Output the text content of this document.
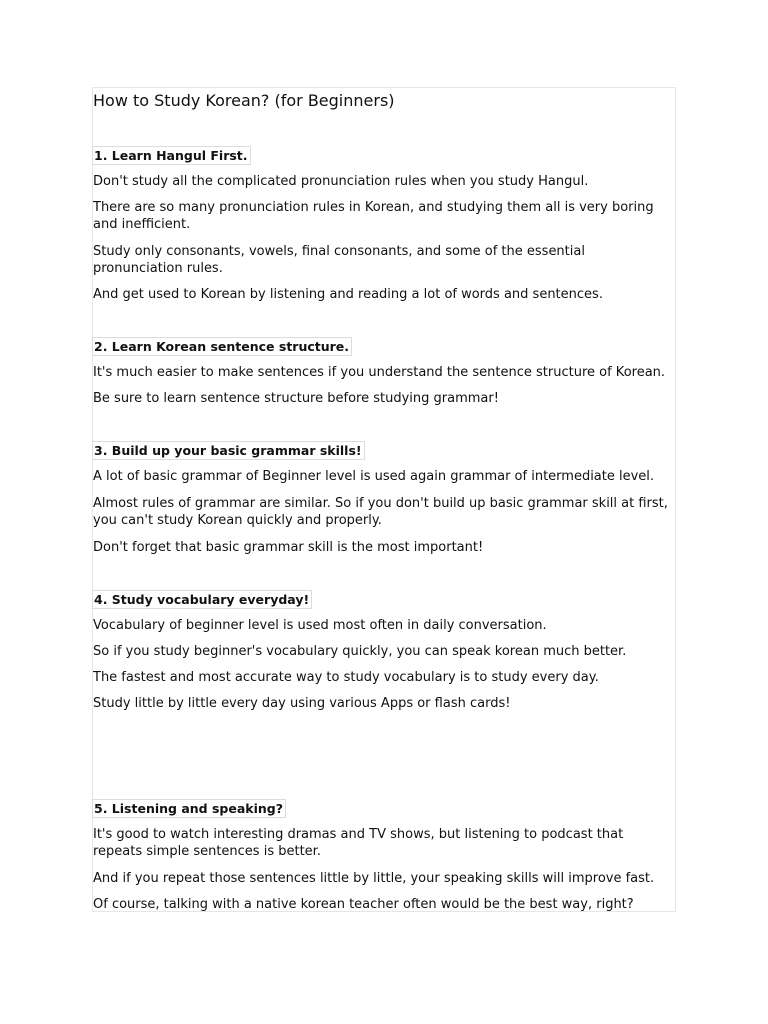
How to Study Korean? (for Beginners)
1. Learn Hangul First.

Don't study all the complicated pronunciation rules when you study Hangul.

There are so many pronunciation rules in Korean, and studying them all is very boring and inefficient.

Study only consonants, vowels, final consonants, and some of the essential pronunciation rules.

And get used to Korean by listening and reading a lot of words and sentences.

2. Learn Korean sentence structure.

It's much easier to make sentences if you understand the sentence structure of Korean.

Be sure to learn sentence structure before studying grammar!

3. Build up your basic grammar skills!

A lot of basic grammar of Beginner level is used again grammar of intermediate level.

Almost rules of grammar are similar. So if you don't build up basic grammar skill at first, you can't study Korean quickly and properly.

Don't forget that basic grammar skill is the most important!

4. Study vocabulary everyday!

Vocabulary of beginner level is used most often in daily conversation.

So if you study beginner's vocabulary quickly, you can speak korean much better.

The fastest and most accurate way to study vocabulary is to study every day.

Study little by little every day using various Apps or flash cards!

5. Listening and speaking?

It's good to watch interesting dramas and TV shows, but listening to podcast that repeats simple sentences is better.

And if you repeat those sentences little by little, your speaking skills will improve fast.

Of course, talking with a native korean teacher often would be the best way, right?
